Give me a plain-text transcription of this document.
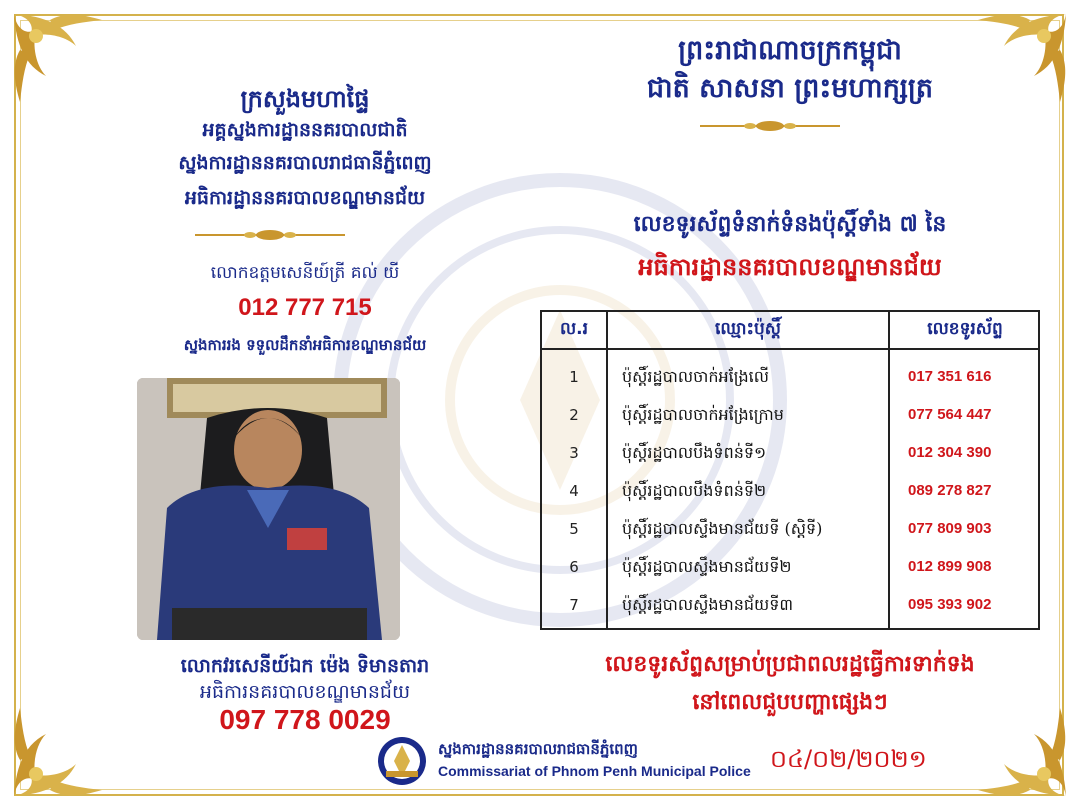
ព្រះរាជាណាចក្រកម្ពុជា
ជាតិ សាសនា ព្រះមហាក្សត្រ
ក្រសួងមហាផ្ទៃ
អគ្គស្នងការដ្ឋាននគរបាលជាតិ
ស្នងការដ្ឋាននគរបាលរាជធានីភ្នំពេញ
អធិការដ្ឋាននគរបាលខណ្ឌមានជ័យ
លោកឧត្តមសេនីយ៍ត្រី គល់ យី
012 777 715
ស្នងការរង ទទួលដឹកនាំអធិការខណ្ឌមានជ័យ
លោកវរសេនីយ៍ឯក ម៉េង ទិមានតារា
អធិការនគរបាលខណ្ឌមានជ័យ
097 778 0029
លេខទូរស័ព្ទទំនាក់ទំនងប៉ុស្តិ៍ទាំង ៧ នៃ
អធិការដ្ឋាននគរបាលខណ្ឌមានជ័យ
ល.រ	ឈ្មោះប៉ុស្តិ៍	លេខទូរស័ព្ទ
1	ប៉ុស្តិ៍រដ្ឋបាលចាក់អង្រែលើ	017 351 616
2	ប៉ុស្តិ៍រដ្ឋបាលចាក់អង្រែក្រោម	077 564 447
3	ប៉ុស្តិ៍រដ្ឋបាលបឹងទំពន់ទី១	012 304 390
4	ប៉ុស្តិ៍រដ្ឋបាលបឹងទំពន់ទី២	089 278 827
5	ប៉ុស្តិ៍រដ្ឋបាលស្ទឹងមានជ័យទី (ស្តិទី)	077 809 903
6	ប៉ុស្តិ៍រដ្ឋបាលស្ទឹងមានជ័យទី២	012 899 908
7	ប៉ុស្តិ៍រដ្ឋបាលស្ទឹងមានជ័យទី៣	095 393 902
លេខទូរស័ព្ទសម្រាប់ប្រជាពលរដ្ឋធ្វើការទាក់ទង
នៅពេលជួបបញ្ហាផ្សេងៗ
ស្នងការដ្ឋាននគរបាលរាជធានីភ្នំពេញ
Commissariat of Phnom Penh Municipal Police ០៤/០២/២០២១
